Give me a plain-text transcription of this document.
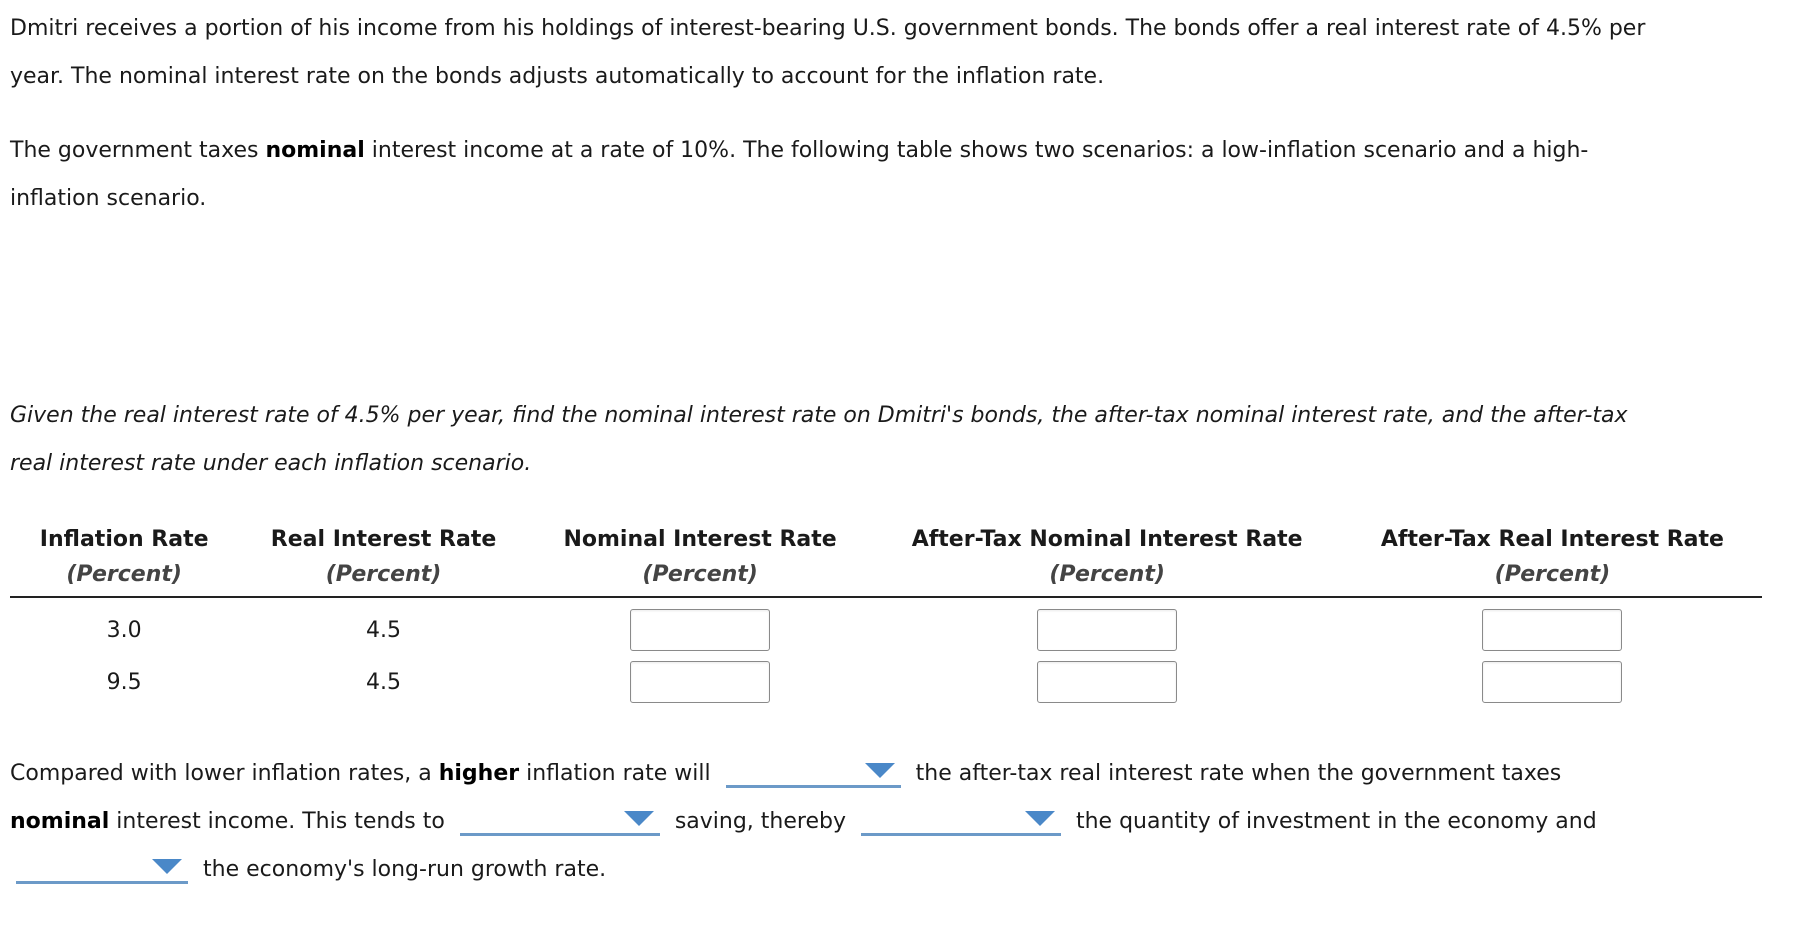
Dmitri receives a portion of his income from his holdings of interest-bearing U.S. government bonds. The bonds offer a real interest rate of 4.5% per
year. The nominal interest rate on the bonds adjusts automatically to account for the inflation rate.

The government taxes nominal interest income at a rate of 10%. The following table shows two scenarios: a low-inflation scenario and a high-
inflation scenario.

Given the real interest rate of 4.5% per year, find the nominal interest rate on Dmitri's bonds, the after-tax nominal interest rate, and the after-tax
real interest rate under each inflation scenario.

Inflation Rate	Real Interest Rate	Nominal Interest Rate	After-Tax Nominal Interest Rate	After-Tax Real Interest Rate
(Percent)	(Percent)	(Percent)	(Percent)	(Percent)
3.0	4.5			
9.5	4.5			
Compared with lower inflation rates, a higher inflation rate will	the after-tax real interest rate when the government taxes
nominal interest income. This tends to	saving, thereby	the quantity of investment in the economy and

the economy's long-run growth rate.
